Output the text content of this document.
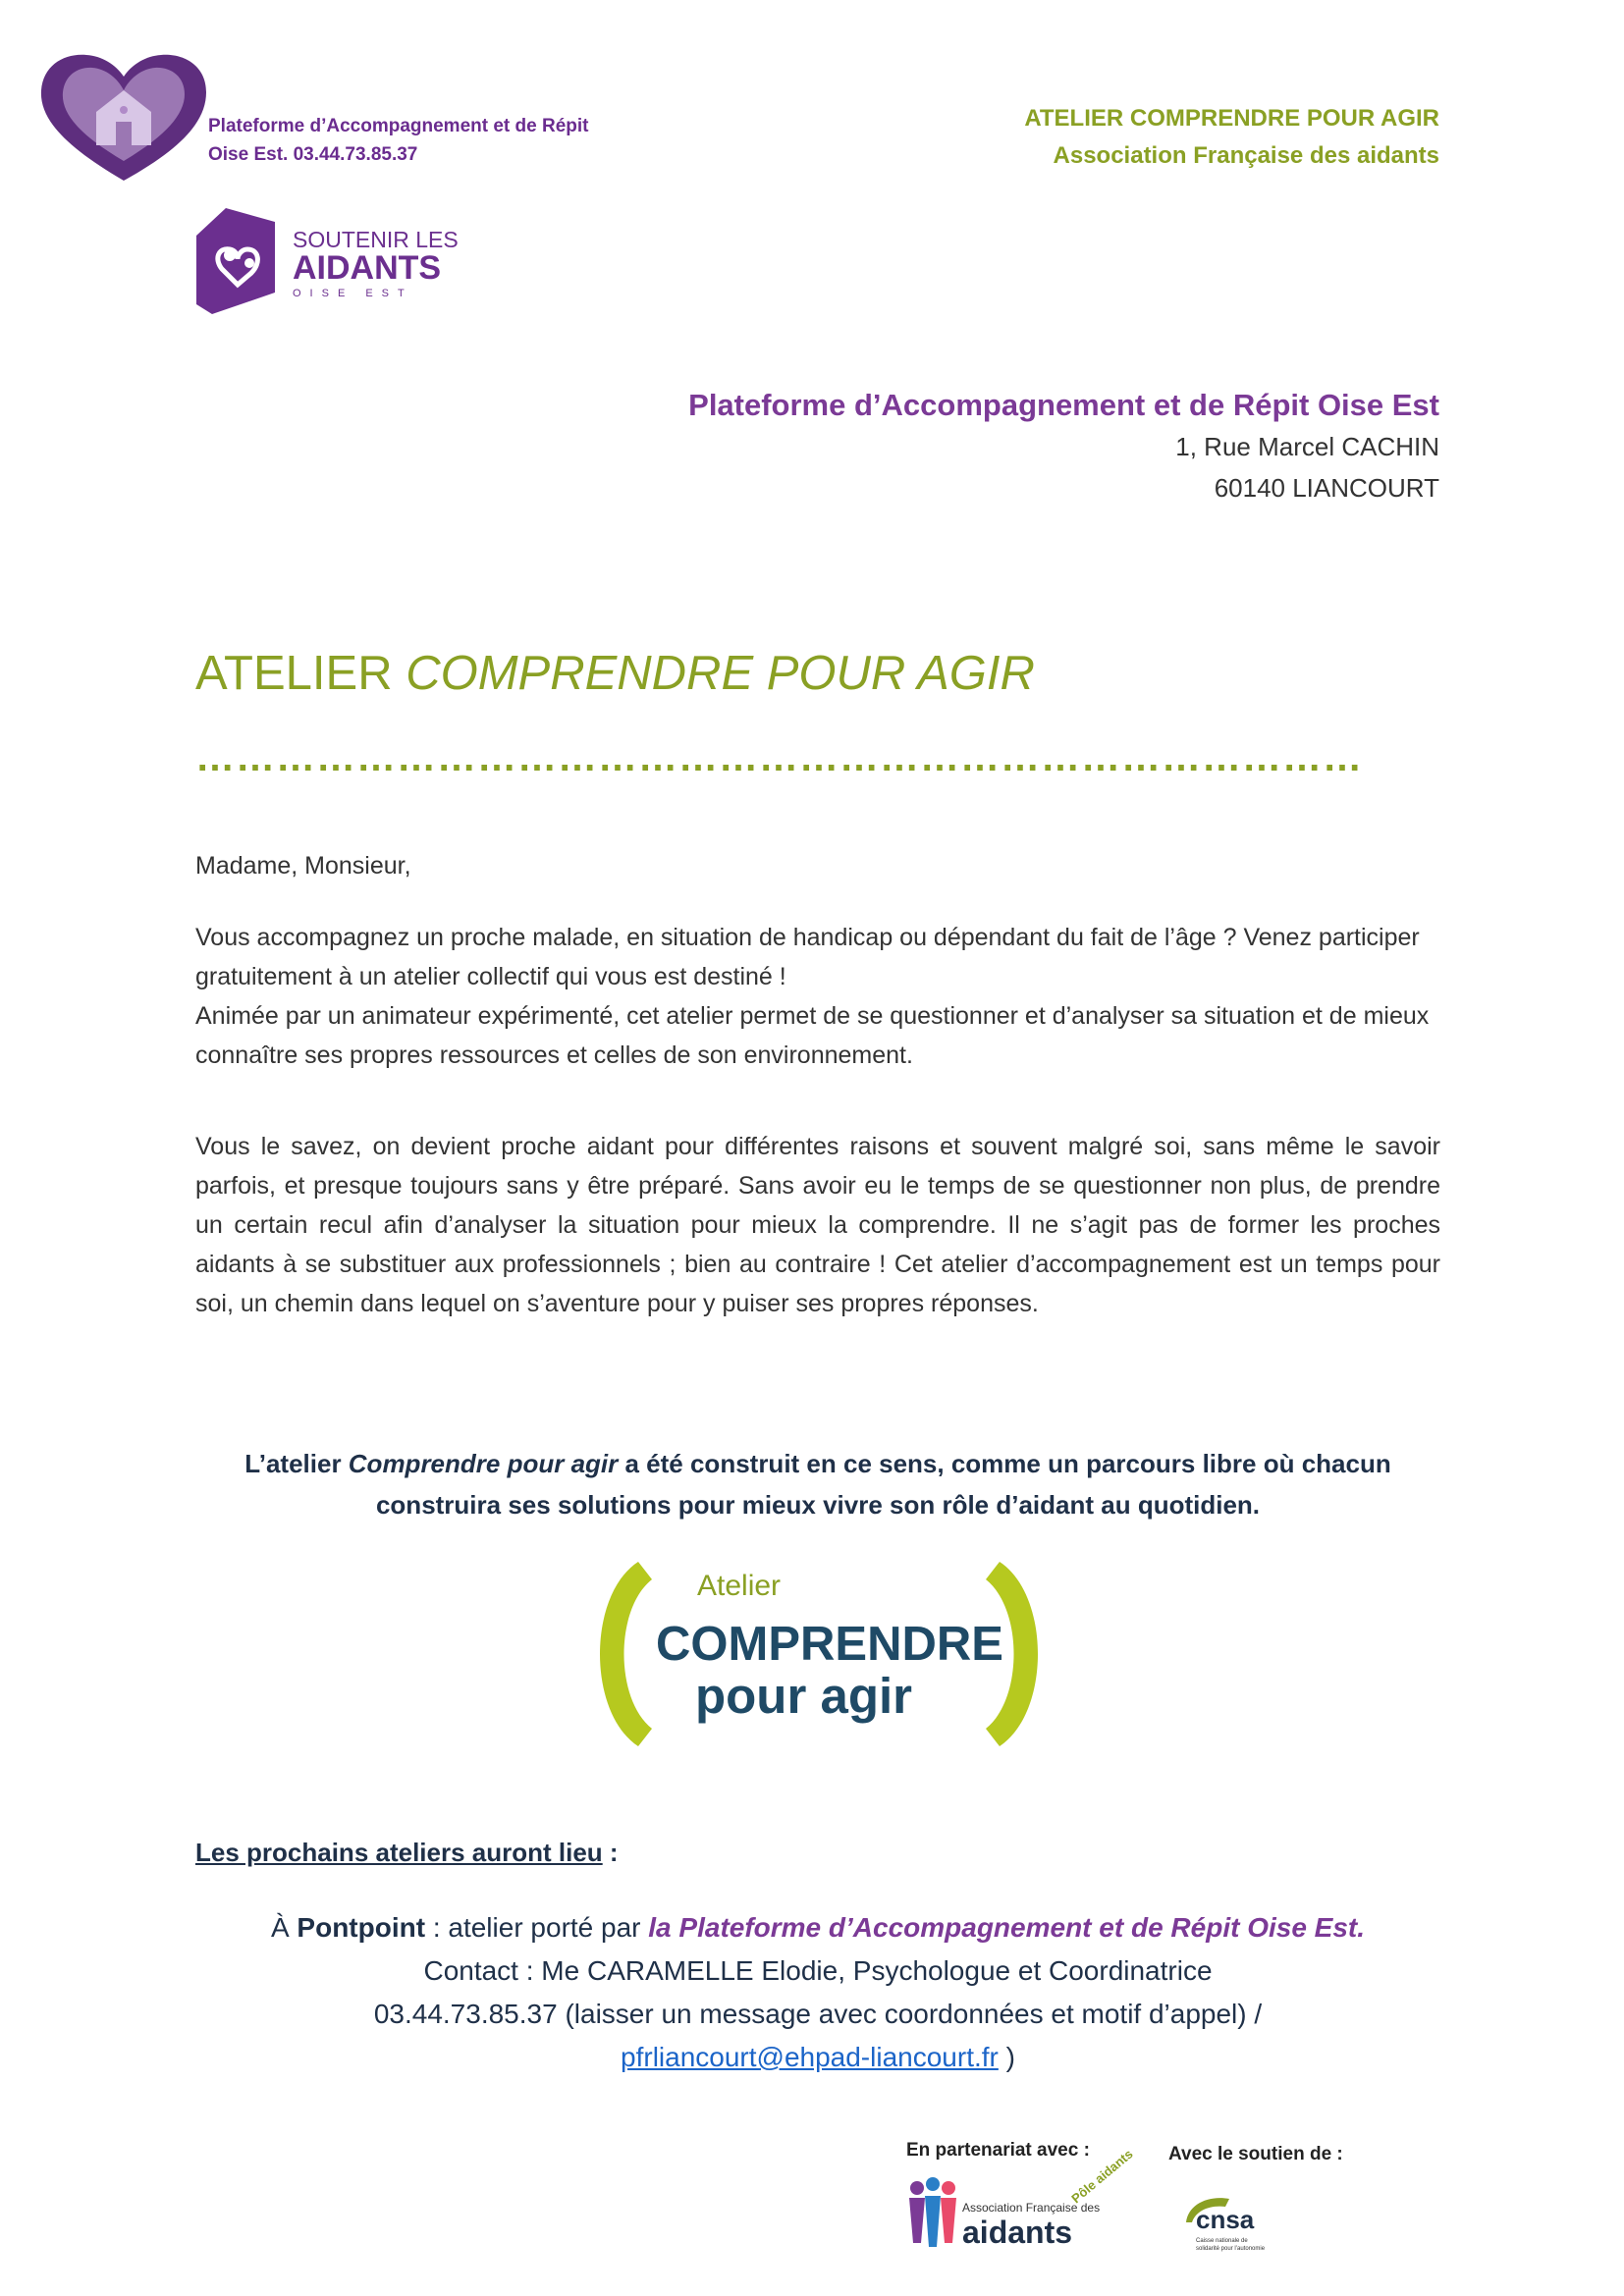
Plateforme d’Accompagnement et de Répit
Oise Est. 03.44.73.85.37
ATELIER COMPRENDRE POUR AGIR
Association Française des aidants
SOUTENIR LES
AIDANTS
OISE EST
Plateforme d’Accompagnement et de Répit Oise Est
1, Rue Marcel CACHIN
60140 LIANCOURT
ATELIER COMPRENDRE POUR AGIR
……………………………………………………………………………
Madame, Monsieur,
Vous accompagnez un proche malade, en situation de handicap ou dépendant du fait de l’âge ? Venez participer gratuitement à un atelier collectif qui vous est destiné !
Animée par un animateur expérimenté, cet atelier permet de se questionner et d’analyser sa situation et de mieux connaître ses propres ressources et celles de son environnement.
Vous le savez, on devient proche aidant pour différentes raisons et souvent malgré soi, sans même le savoir parfois, et presque toujours sans y être préparé. Sans avoir eu le temps de se questionner non plus, de prendre un certain recul afin d’analyser la situation pour mieux la comprendre. Il ne s’agit pas de former les proches aidants à se substituer aux professionnels ; bien au contraire ! Cet atelier d’accompagnement est un temps pour soi, un chemin dans lequel on s’aventure pour y puiser ses propres réponses.
L’atelier Comprendre pour agir a été construit en ce sens, comme un parcours libre où chacun construira ses solutions pour mieux vivre son rôle d’aidant au quotidien.
Atelier
COMPRENDRE
pour agir
Les prochains ateliers auront lieu :
À Pontpoint : atelier porté par la Plateforme d’Accompagnement et de Répit Oise Est.
Contact : Me CARAMELLE Elodie, Psychologue et Coordinatrice
03.44.73.85.37 (laisser un message avec coordonnées et motif d’appel) /
pfrliancourt@ehpad-liancourt.fr )
En partenariat avec :	Avec le soutien de :
Association Française des
aidants
Pôle aidants
cnsa
Caisse nationale de
solidarité pour l’autonomie
